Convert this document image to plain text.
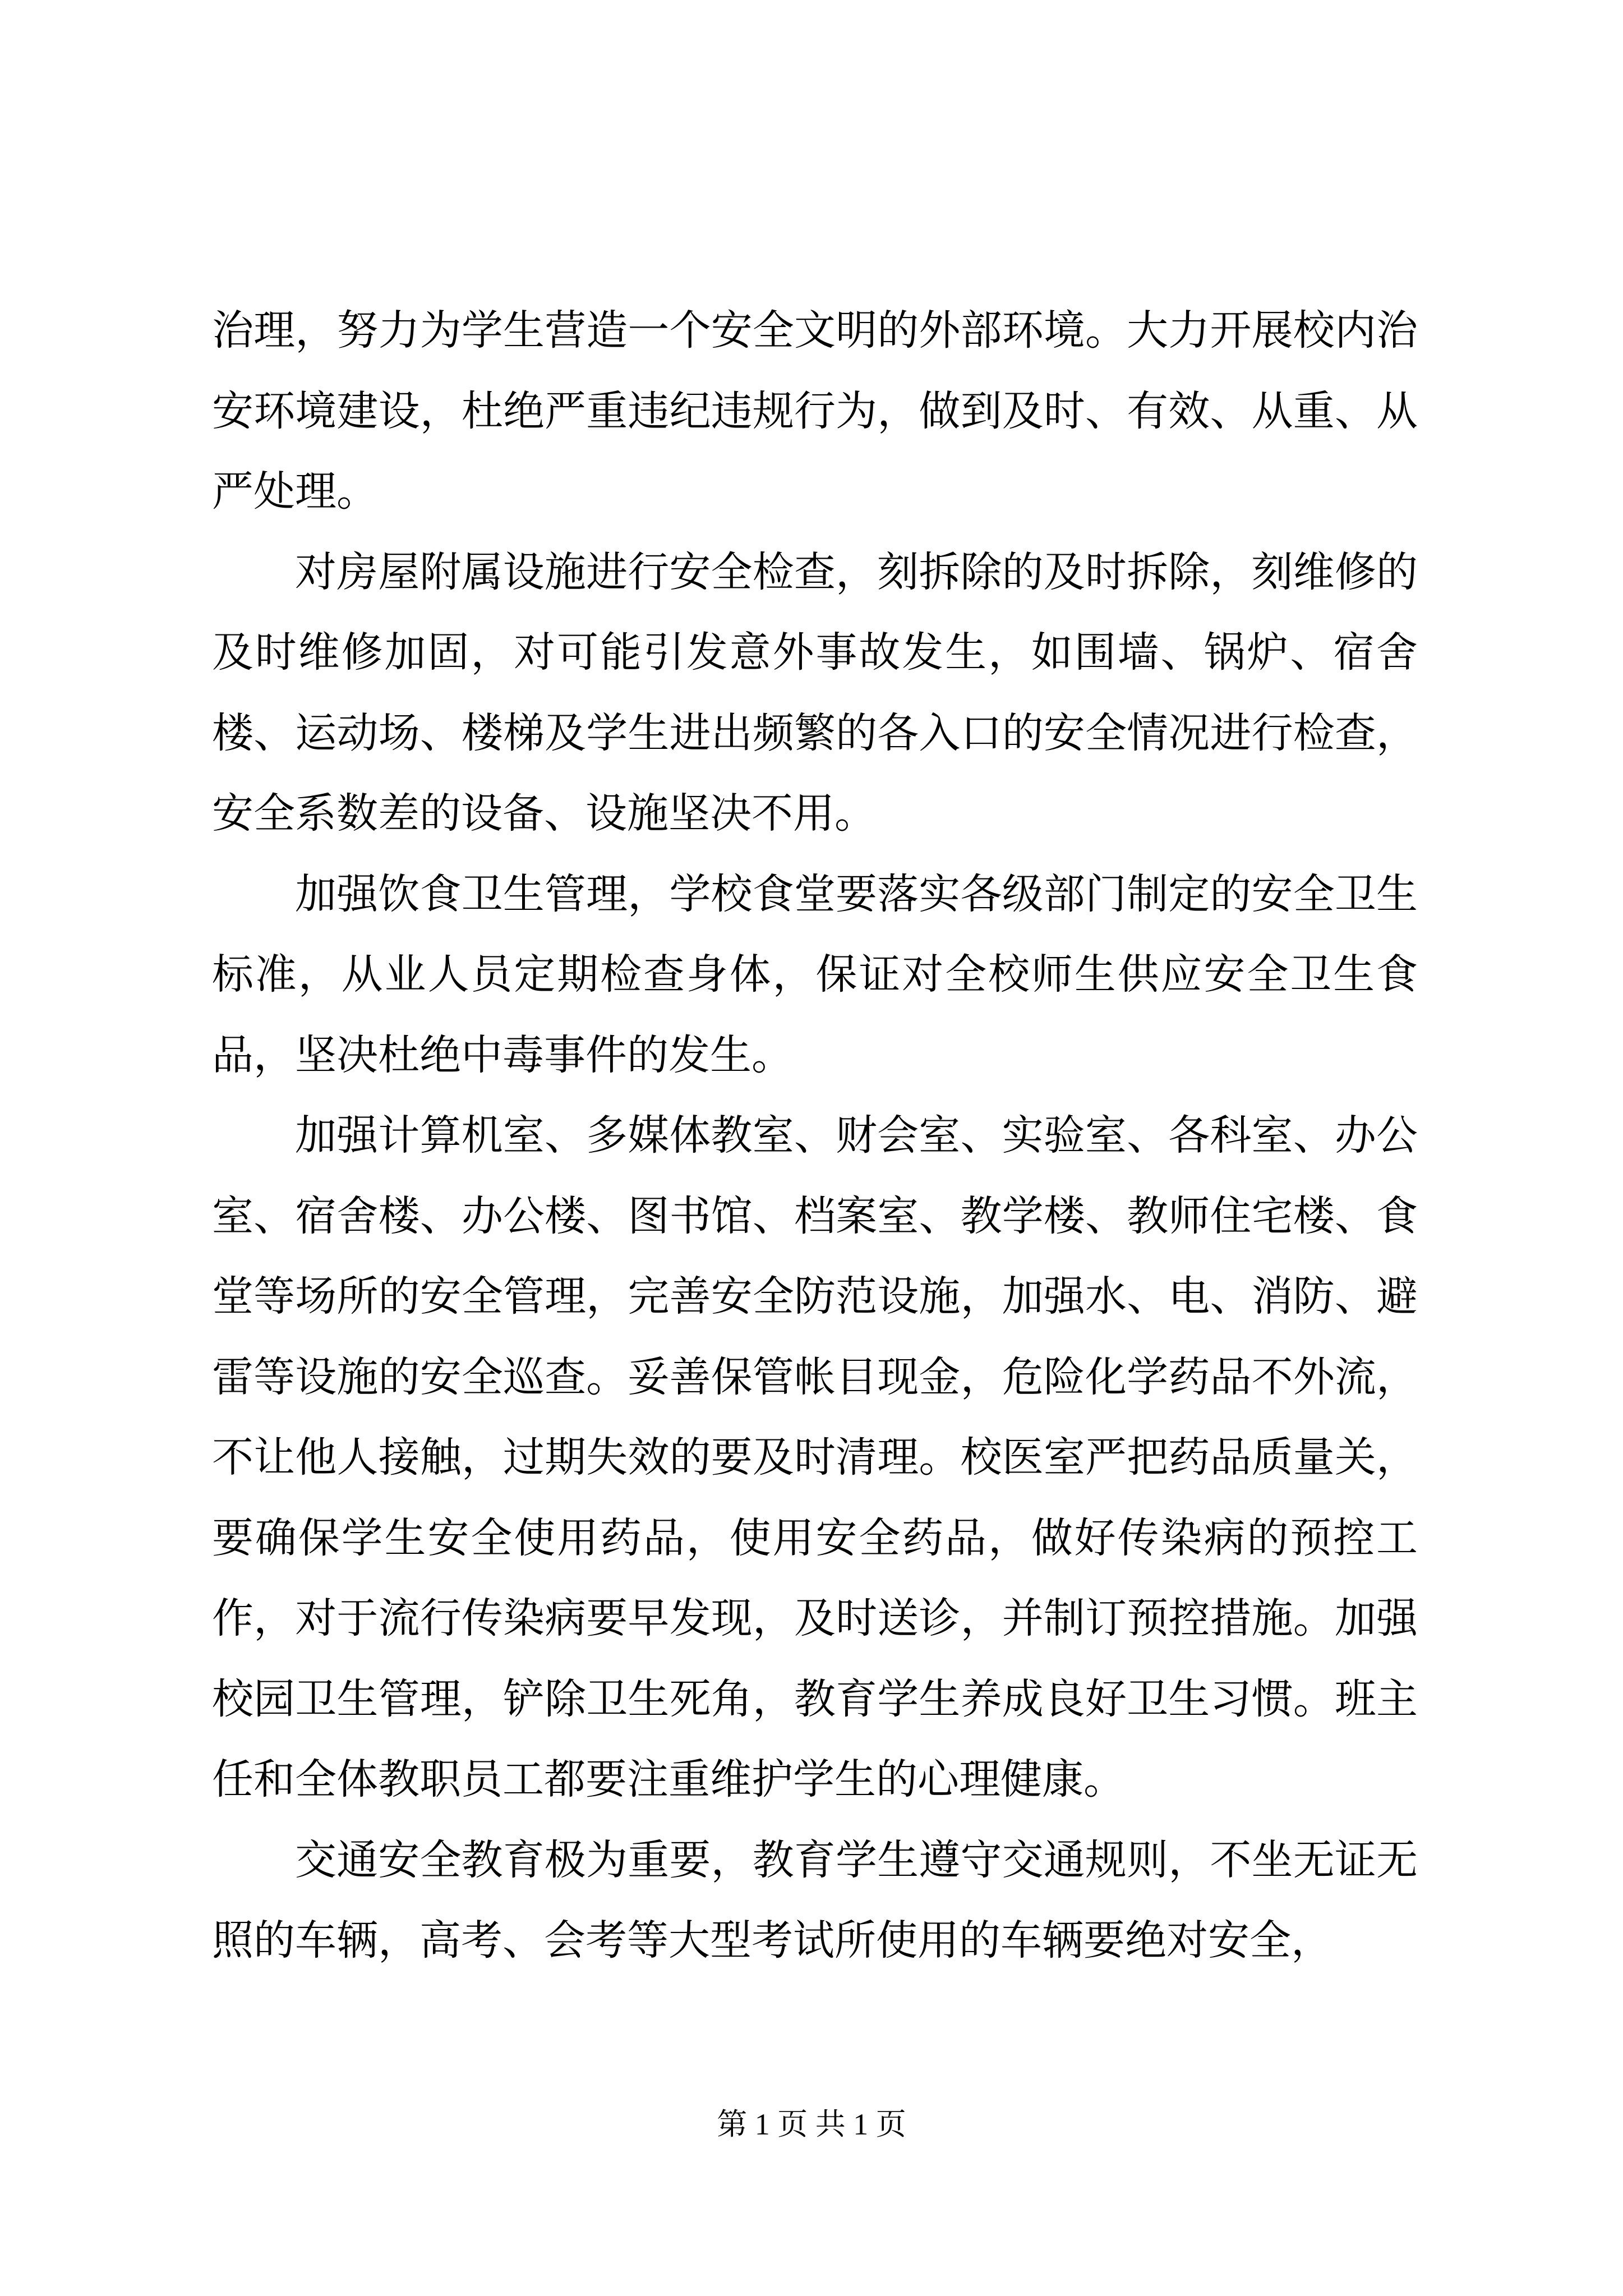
治理，努力为学生营造一个安全文明的外部环境。大力开展校内治安环境建设，杜绝严重违纪违规行为，做到及时、有效、从重、从严处理。

对房屋附属设施进行安全检查，刻拆除的及时拆除，刻维修的及时维修加固，对可能引发意外事故发生，如围墙、锅炉、宿舍楼、运动场、楼梯及学生进出频繁的各入口的安全情况进行检查，安全系数差的设备、设施坚决不用。

加强饮食卫生管理，学校食堂要落实各级部门制定的安全卫生标准，从业人员定期检查身体，保证对全校师生供应安全卫生食品，坚决杜绝中毒事件的发生。

加强计算机室、多媒体教室、财会室、实验室、各科室、办公室、宿舍楼、办公楼、图书馆、档案室、教学楼、教师住宅楼、食堂等场所的安全管理，完善安全防范设施，加强水、电、消防、避雷等设施的安全巡查。妥善保管帐目现金，危险化学药品不外流，不让他人接触，过期失效的要及时清理。校医室严把药品质量关，要确保学生安全使用药品，使用安全药品，做好传染病的预控工作，对于流行传染病要早发现，及时送诊，并制订预控措施。加强校园卫生管理，铲除卫生死角，教育学生养成良好卫生习惯。班主任和全体教职员工都要注重维护学生的心理健康。

交通安全教育极为重要，教育学生遵守交通规则，不坐无证无照的车辆，高考、会考等大型考试所使用的车辆要绝对安全，

第 1 页 共 1 页
